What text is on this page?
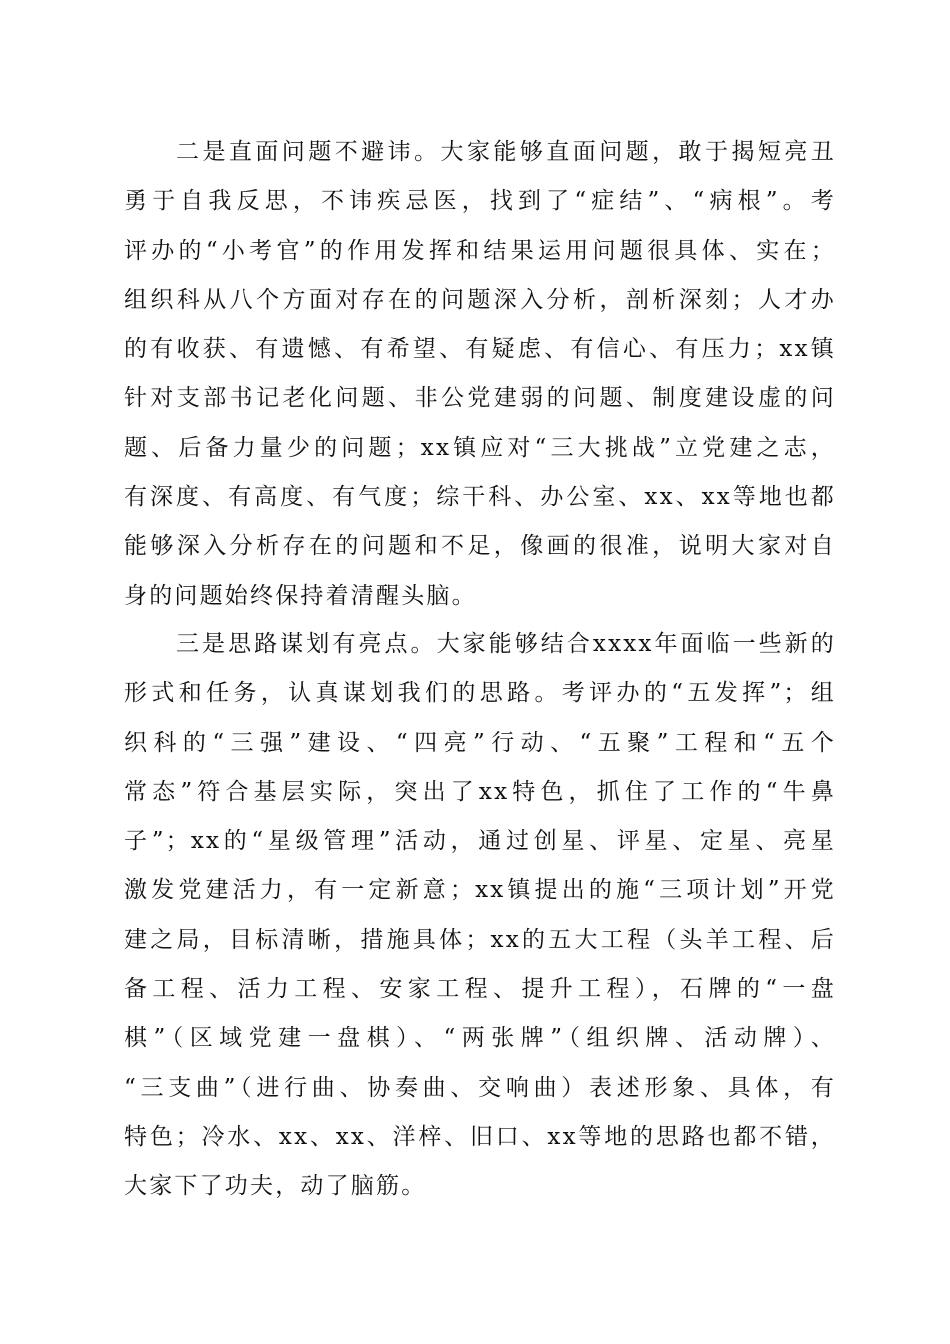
二是直面问题不避讳。大家能够直面问题，敢于揭短亮丑
勇于自我反思，不讳疾忌医，找到了“症结”、“病根”。考
评办的“小考官”的作用发挥和结果运用问题很具体、实在；
组织科从八个方面对存在的问题深入分析，剖析深刻；人才办
的有收获、有遗憾、有希望、有疑虑、有信心、有压力；xx镇
针对支部书记老化问题、非公党建弱的问题、制度建设虚的问
题、后备力量少的问题；xx镇应对“三大挑战”立党建之志，
有深度、有高度、有气度；综干科、办公室、xx、xx等地也都
能够深入分析存在的问题和不足，像画的很准，说明大家对自
身的问题始终保持着清醒头脑。
三是思路谋划有亮点。大家能够结合xxxx年面临一些新的
形式和任务，认真谋划我们的思路。考评办的“五发挥”；组
织科的“三强”建设、“四亮”行动、“五聚”工程和“五个
常态”符合基层实际，突出了xx特色，抓住了工作的“牛鼻
子”；xx的“星级管理”活动，通过创星、评星、定星、亮星
激发党建活力，有一定新意；xx镇提出的施“三项计划”开党
建之局，目标清晰，措施具体；xx的五大工程（头羊工程、后
备工程、活力工程、安家工程、提升工程），石牌的“一盘
棋”（区域党建一盘棋）、“两张牌”（组织牌、活动牌）、
“三支曲”（进行曲、协奏曲、交响曲）表述形象、具体，有
特色；冷水、xx、xx、洋梓、旧口、xx等地的思路也都不错，
大家下了功夫，动了脑筋。
